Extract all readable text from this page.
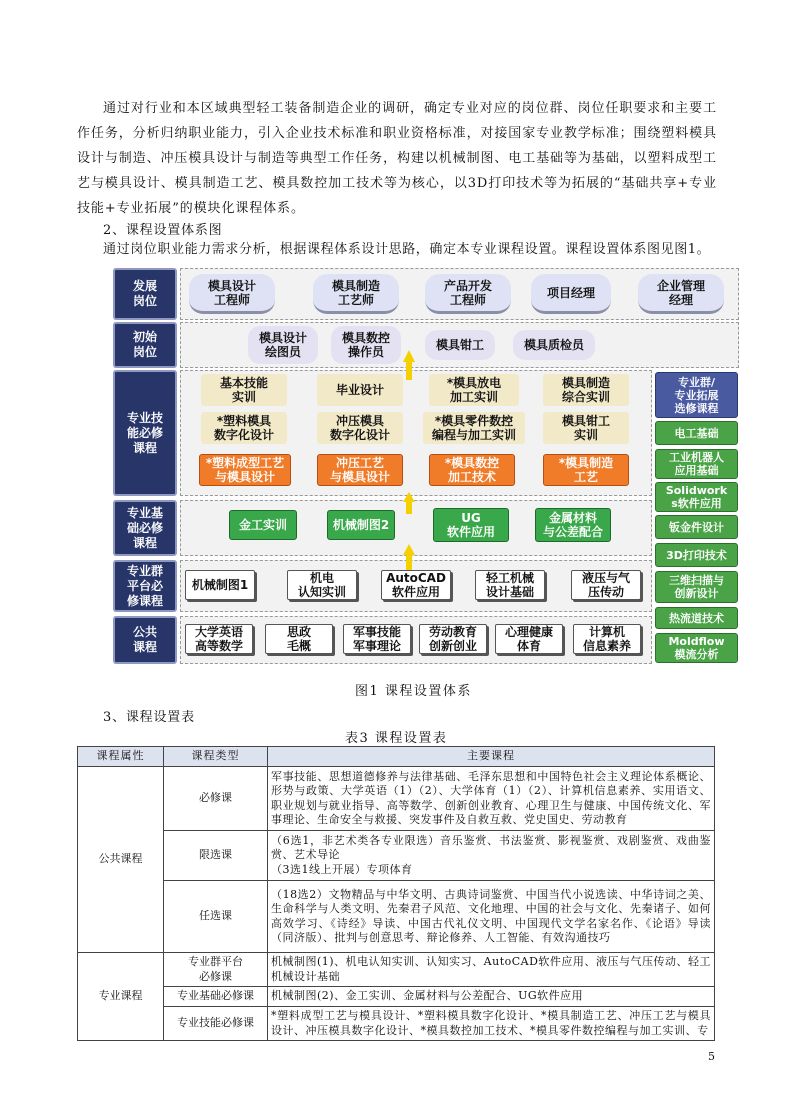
通过对行业和本区域典型轻工装备制造企业的调研，确定专业对应的岗位群、岗位任职要求和主要工作任务，分析归纳职业能力，引入企业技术标准和职业资格标准，对接国家专业教学标准；围绕塑料模具设计与制造、冲压模具设计与制造等典型工作任务，构建以机械制图、电工基础等为基础，以塑料成型工艺与模具设计、模具制造工艺、模具数控加工技术等为核心，以3D打印技术等为拓展的“基础共享+专业技能+专业拓展”的模块化课程体系。
2、课程设置体系图
通过岗位职业能力需求分析，根据课程体系设计思路，确定本专业课程设置。课程设置体系图见图1。
发展
岗位
初始
岗位
专业技
能必修
课程
专业基
础必修
课程
专业群
平台必
修课程
公共
课程
模具设计
工程师
模具制造
工艺师
产品开发
工程师	项目经理	企业管理
经理
模具设计
绘图员
模具数控
操作员	模具钳工	模具质检员
基本技能
实训	毕业设计	*模具放电
加工实训
模具制造
综合实训
*塑料模具
数字化设计
冲压模具
数字化设计
*模具零件数控
编程与加工实训
模具钳工
实训
*塑料成型工艺
与模具设计
冲压工艺
与模具设计
*模具数控
加工技术
*模具制造
工艺
金工实训	机械制图2	UG
软件应用
金属材料
与公差配合
机械制图1	机电
认知实训
AutoCAD
软件应用
轻工机械
设计基础
液压与气
压传动
大学英语
高等数学
思政
毛概
军事技能
军事理论
劳动教育
创新创业
心理健康
体育
计算机
信息素养
专业群/
专业拓展
选修课程
电工基础
工业机器人
应用基础
Solidwork
s软件应用
钣金件设计
3D打印技术
三维扫描与
创新设计
热流道技术
Moldflow
模流分析
图1 课程设置体系
3、课程设置表
表3 课程设置表
课程属性	课程类型	主要课程
公共课程	必修课	军事技能、思想道德修养与法律基础、毛泽东思想和中国特色社会主义理论体系概论、形势与政策、大学英语（1）（2）、大学体育（1）（2）、计算机信息素养、实用语文、职业规划与就业指导、高等数学、创新创业教育、心理卫生与健康、中国传统文化、军事理论、生命安全与救援、突发事件及自救互救、党史国史、劳动教育
	限选课	（6选1，非艺术类各专业限选）音乐鉴赏、书法鉴赏、影视鉴赏、戏剧鉴赏、戏曲鉴赏、艺术导论
（3选1线上开展）专项体育
	任选课	（18选2）文物精品与中华文明、古典诗词鉴赏、中国当代小说选读、中华诗词之美、生命科学与人类文明、先秦君子风范、文化地理、中国的社会与文化、先秦诸子、如何高效学习、《诗经》导读、中国古代礼仪文明、中国现代文学名家名作、《论语》导读（同济版）、批判与创意思考、辩论修养、人工智能、有效沟通技巧
专业课程	专业群平台
必修课	机械制图(1)、机电认知实训、认知实习、AutoCAD软件应用、液压与气压传动、轻工机械设计基础
	专业基础必修课	机械制图(2)、金工实训、金属材料与公差配合、UG软件应用
	专业技能必修课	*塑料成型工艺与模具设计、*塑料模具数字化设计、*模具制造工艺、冲压工艺与模具设计、冲压模具数字化设计、*模具数控加工技术、*模具零件数控编程与加工实训、专
5
